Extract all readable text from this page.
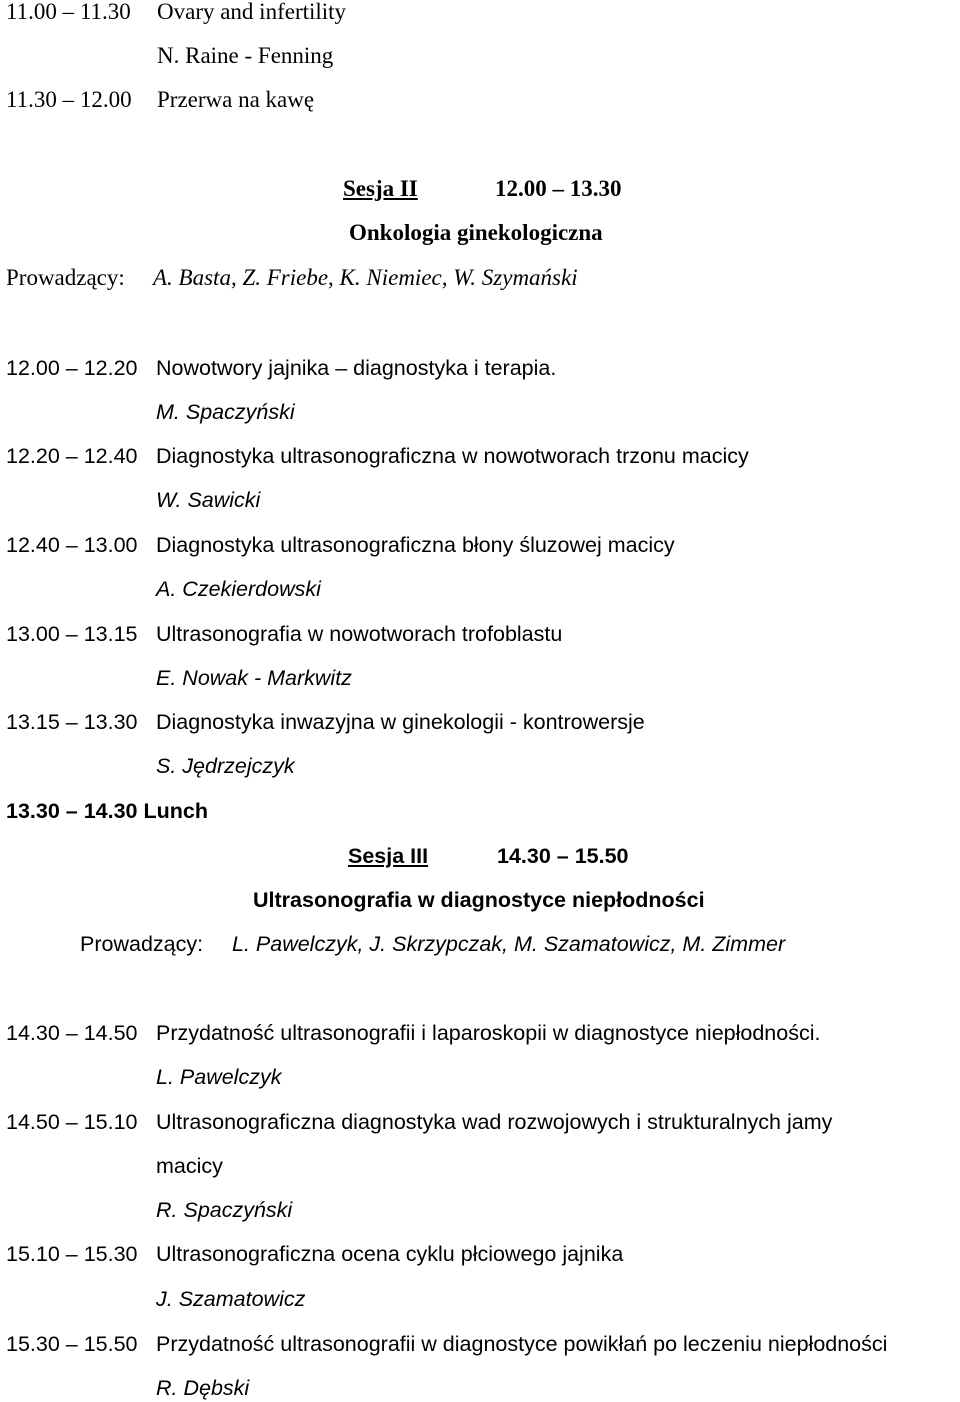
11.00 – 11.30 Ovary and infertility
N. Raine - Fenning
11.30 – 12.00 Przerwa na kawę
Sesja II	12.00 – 13.30
Onkologia ginekologiczna
Prowadzący: A. Basta, Z. Friebe, K. Niemiec, W. Szymański
12.00 – 12.20 Nowotwory jajnika – diagnostyka i terapia.
M. Spaczyński
12.20 – 12.40 Diagnostyka ultrasonograficzna w nowotworach trzonu macicy
W. Sawicki
12.40 – 13.00 Diagnostyka ultrasonograficzna błony śluzowej macicy
A. Czekierdowski
13.00 – 13.15 Ultrasonografia w nowotworach trofoblastu
E. Nowak - Markwitz
13.15 – 13.30 Diagnostyka inwazyjna w ginekologii - kontrowersje
S. Jędrzejczyk
13.30 – 14.30 Lunch
Sesja III	14.30 – 15.50
Ultrasonografia w diagnostyce niepłodności
Prowadzący: L. Pawelczyk, J. Skrzypczak, M. Szamatowicz, M. Zimmer
14.30 – 14.50 Przydatność ultrasonografii i laparoskopii w diagnostyce niepłodności.
L. Pawelczyk
14.50 – 15.10 Ultrasonograficzna diagnostyka wad rozwojowych i strukturalnych jamy
macicy
R. Spaczyński
15.10 – 15.30 Ultrasonograficzna ocena cyklu płciowego jajnika
J. Szamatowicz
15.30 – 15.50 Przydatność ultrasonografii w diagnostyce powikłań po leczeniu niepłodności
R. Dębski
